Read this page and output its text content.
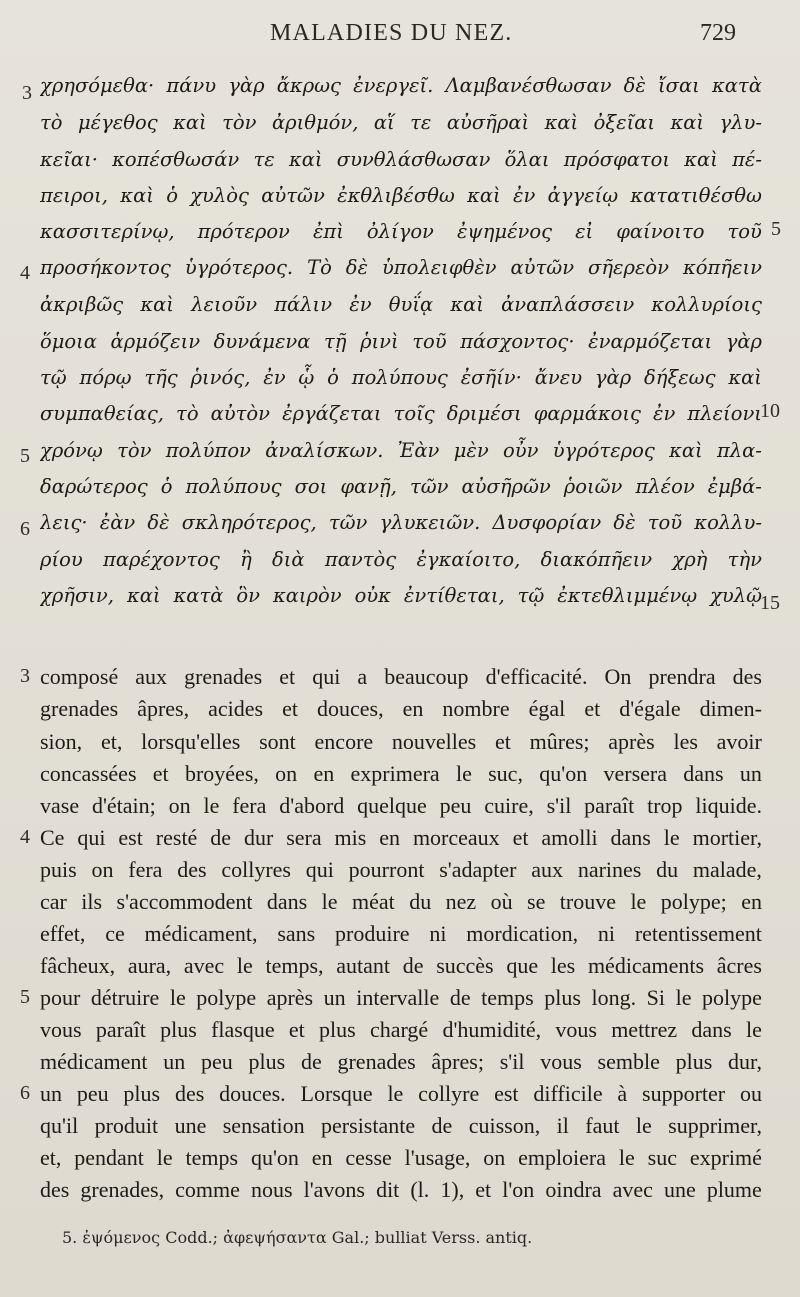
MALADIES DU NEZ.	729
χρησόμεθα· πάνυ γὰρ ἄκρως ἐνεργεῖ. Λαμβανέσθωσαν δὲ ἴσαι κατὰ
τὸ μέγεθος καὶ τὸν ἀριθμόν, αἵ τε αὐσῆραὶ καὶ ὀξεῖαι καὶ γλυ-
κεῖαι· κοπέσθωσάν τε καὶ συνθλάσθωσαν ὅλαι πρόσφατοι καὶ πέ-
πειροι, καὶ ὁ χυλὸς αὐτῶν ἐκθλιβέσθω καὶ ἐν ἀγγείῳ κατατιθέσθω
κασσιτερίνῳ, πρότερον ἐπὶ ὀλίγον ἐψημένος εἰ φαίνοιτο τοῦ
προσήκοντος ὑγρότερος. Τὸ δὲ ὑπολειφθὲν αὐτῶν σῆερεὸν κόπῆειν
ἀκριβῶς καὶ λειοῦν πάλιν ἐν θυΐᾳ καὶ ἀναπλάσσειν κολλυρίοις
ὅμοια ἁρμόζειν δυνάμενα τῇ ῥινὶ τοῦ πάσχοντος· ἐναρμόζεται γὰρ
τῷ πόρῳ τῆς ῥινός, ἐν ᾧ ὁ πολύπους ἐσῆίν· ἄνευ γὰρ δήξεως καὶ
συμπαθείας, τὸ αὐτὸν ἐργάζεται τοῖς δριμέσι φαρμάκοις ἐν πλείονι
χρόνῳ τὸν πολύπον ἀναλίσκων. Ἐὰν μὲν οὖν ὑγρότερος καὶ πλα-
δαρώτερος ὁ πολύπους σοι φανῇ, τῶν αὐσῆρῶν ῥοιῶν πλέον ἐμβά-
λεις· ἐὰν δὲ σκληρότερος, τῶν γλυκειῶν. Δυσφορίαν δὲ τοῦ κολλυ-
ρίου παρέχοντος ἢ διὰ παντὸς ἐγκαίοιτο, διακόπῆειν χρὴ τὴν
χρῆσιν, καὶ κατὰ ὃν καιρὸν οὐκ ἐντίθεται, τῷ ἐκτεθλιμμένῳ χυλῷ
3
4
5
6
5
10
15
composé aux grenades et qui a beaucoup d'efficacité. On prendra des
grenades âpres, acides et douces, en nombre égal et d'égale dimen-
sion, et, lorsqu'elles sont encore nouvelles et mûres; après les avoir
concassées et broyées, on en exprimera le suc, qu'on versera dans un
vase d'étain; on le fera d'abord quelque peu cuire, s'il paraît trop liquide.
Ce qui est resté de dur sera mis en morceaux et amolli dans le mortier,
puis on fera des collyres qui pourront s'adapter aux narines du malade,
car ils s'accommodent dans le méat du nez où se trouve le polype; en
effet, ce médicament, sans produire ni mordication, ni retentissement
fâcheux, aura, avec le temps, autant de succès que les médicaments âcres
pour détruire le polype après un intervalle de temps plus long. Si le polype
vous paraît plus flasque et plus chargé d'humidité, vous mettrez dans le
médicament un peu plus de grenades âpres; s'il vous semble plus dur,
un peu plus des douces. Lorsque le collyre est difficile à supporter ou
qu'il produit une sensation persistante de cuisson, il faut le supprimer,
et, pendant le temps qu'on en cesse l'usage, on emploiera le suc exprimé
des grenades, comme nous l'avons dit (l. 1), et l'on oindra avec une plume
3
4
5
6
5. ἐψόμενος Codd.; ἀφεψήσαντα Gal.; bulliat Verss. antiq.
